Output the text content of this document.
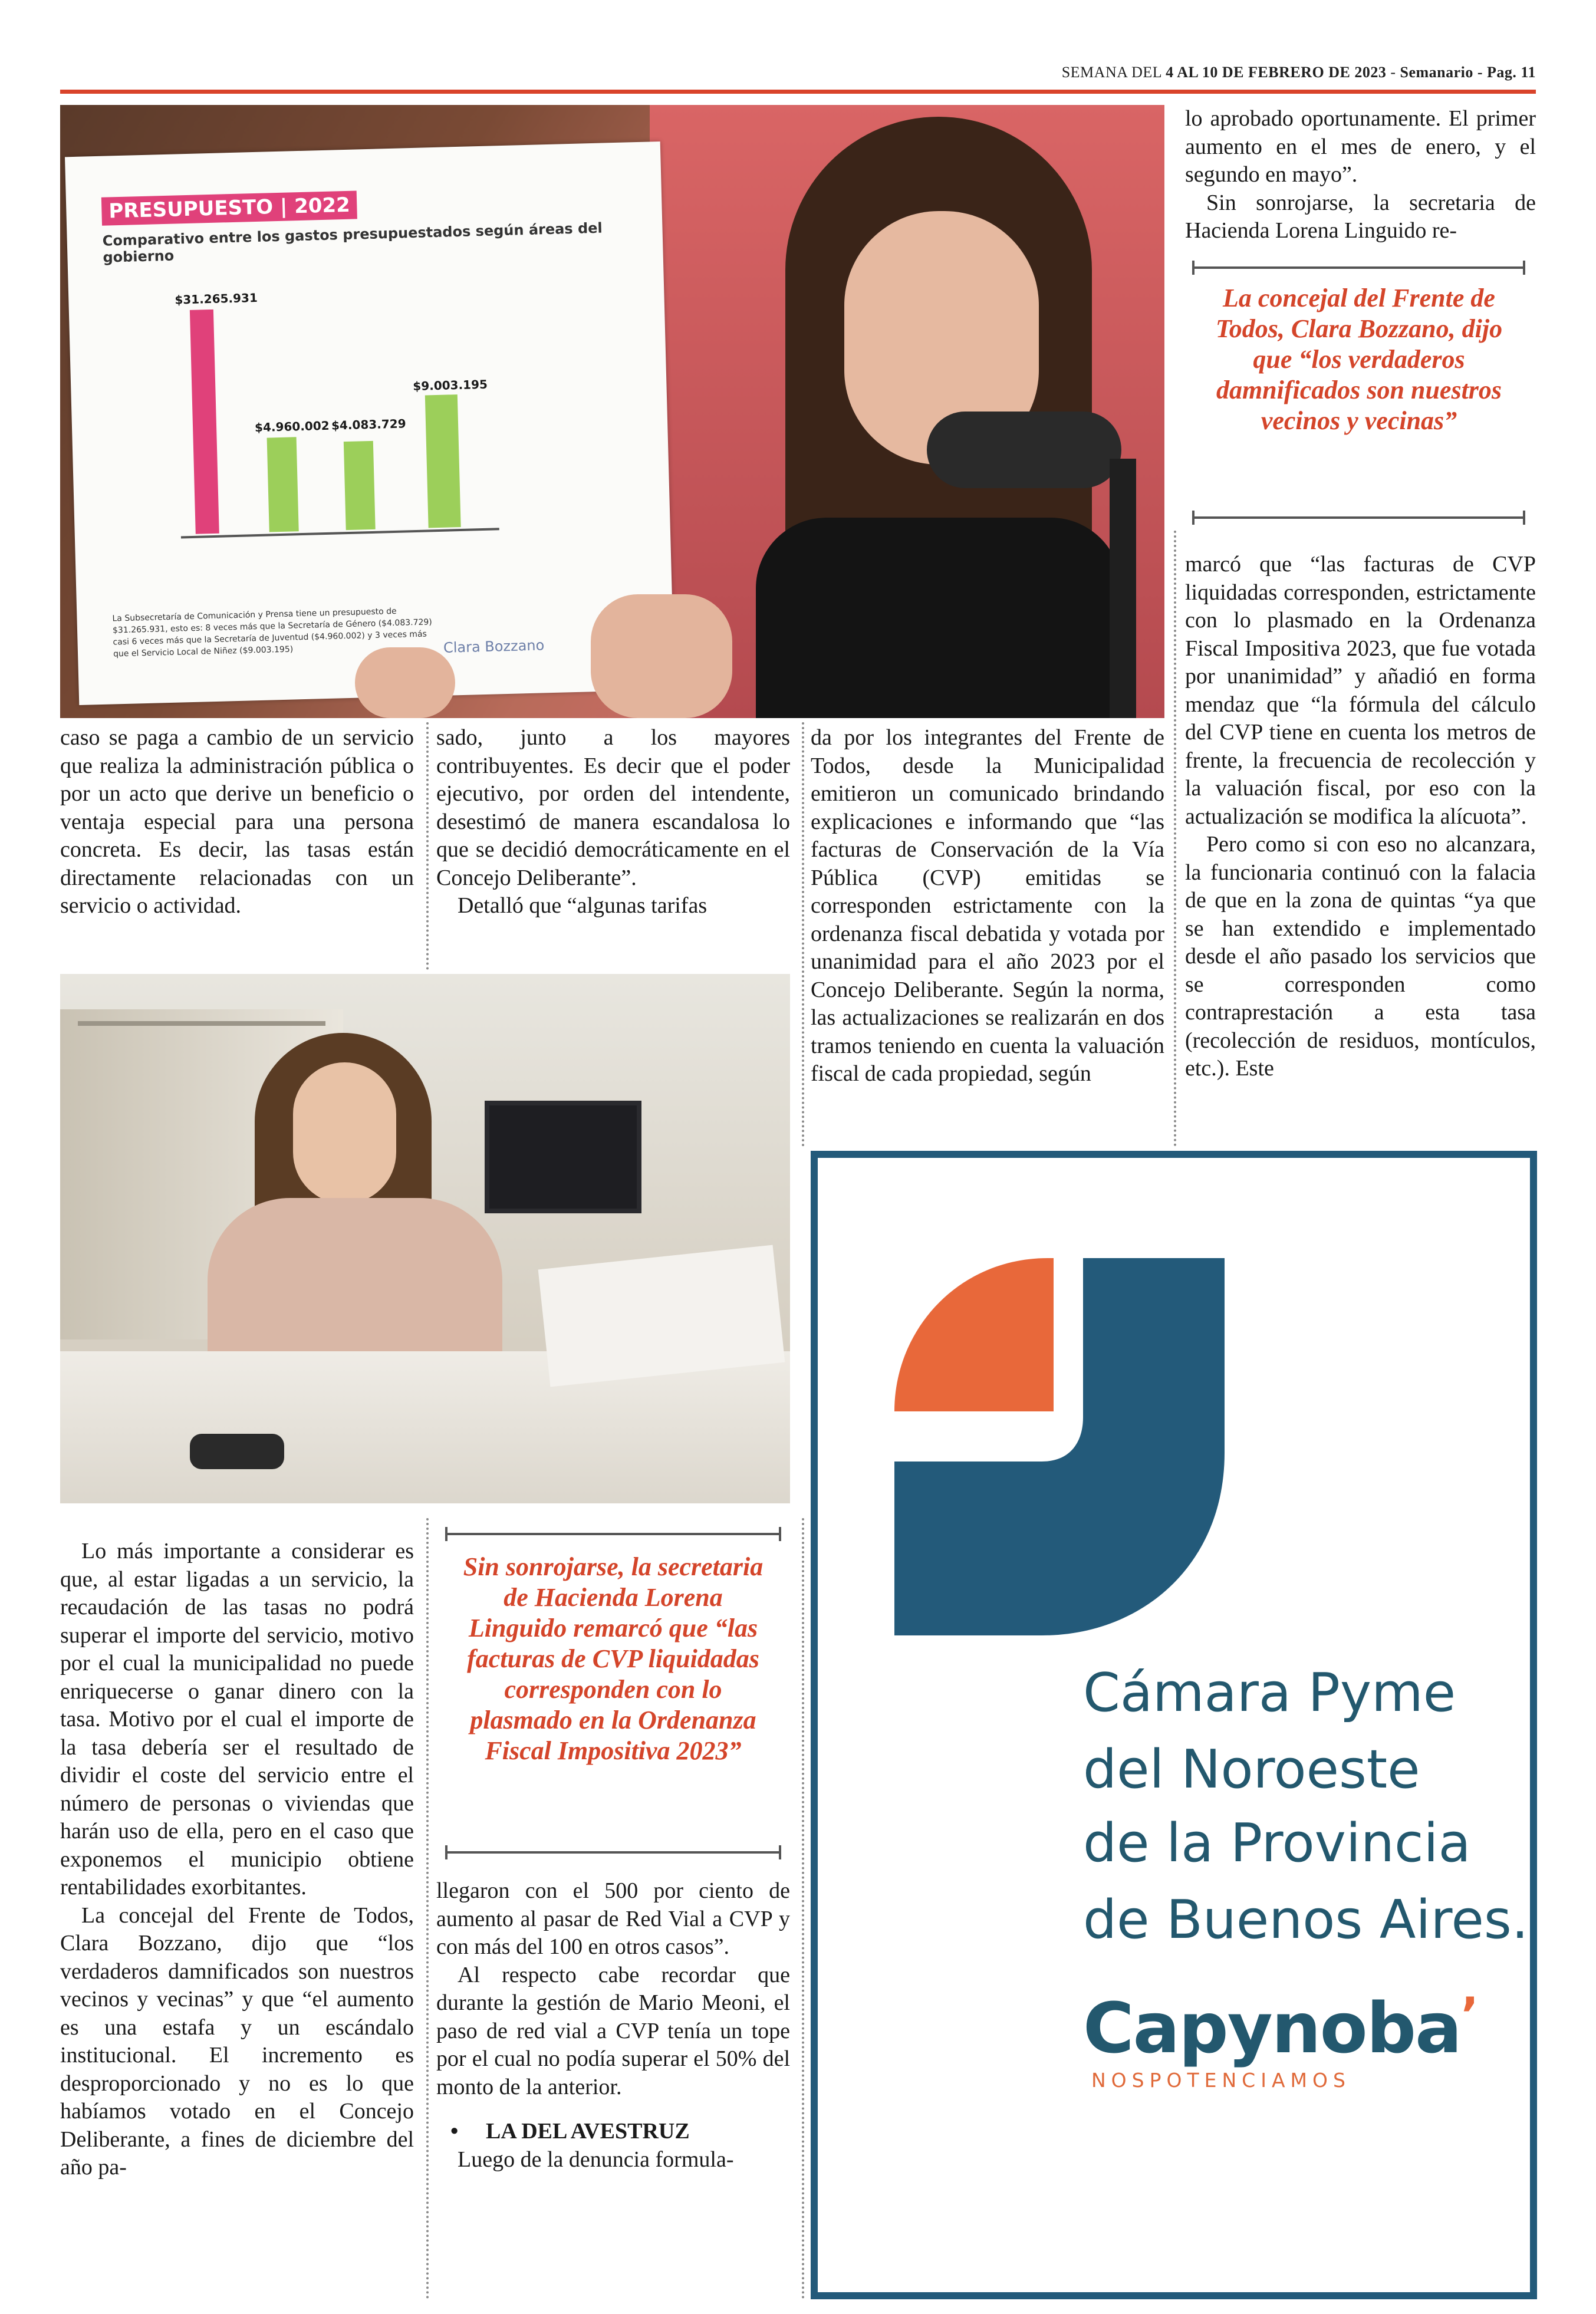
SEMANA DEL 4 AL 10 DE FEBRERO DE 2023 - Semanario - Pag. 11
PRESUPUESTO | 2022
Comparativo entre los gastos presupuestados según áreas del gobierno
$31.265.931
$4.960.002 $4.083.729
$9.003.195
La Subsecretaría de Comunicación y Prensa tiene un presupuesto de $31.265.931, esto es: 8 veces más que la Secretaría de Género ($4.083.729) casi 6 veces más que la Secretaría de Juventud ($4.960.002) y 3 veces más que el Servicio Local de Niñez ($9.003.195)	Clara Bozzano

lo aprobado oportunamente. El primer aumento en el mes de enero, y el segundo en mayo”.

Sin sonrojarse, la secretaria de Hacienda Lorena Linguido re-

La concejal del Frente de Todos, Clara Bozzano, dijo que “los verdaderos damnificados son nuestros vecinos y vecinas”

marcó que “las facturas de CVP liquidadas corresponden, estrictamente con lo plasmado en la Ordenanza Fiscal Impositiva 2023, que fue votada por unanimidad” y añadió en forma mendaz que “la fórmula del cálculo del CVP tiene en cuenta los metros de frente, la frecuencia de recolección y la valuación fiscal, por eso con la actualización se modifica la alícuota”.

Pero como si con eso no alcanzara, la funcionaria continuó con la falacia de que en la zona de quintas “ya que se han extendido e implementado desde el año pasado los servicios que se corresponden como contraprestación a esta tasa (recolección de residuos, montículos, etc.). Este

caso se paga a cambio de un servicio que realiza la administración pública o por un acto que derive un beneficio o ventaja especial para una persona concreta. Es decir, las tasas están directamente relacionadas con un servicio o actividad.

sado, junto a los mayores contribuyentes. Es decir que el poder ejecutivo, por orden del intendente, desestimó de manera escandalosa lo que se decidió democráticamente en el Concejo Deliberante”.

Detalló que “algunas tarifas

da por los integrantes del Frente de Todos, desde la Municipalidad emitieron un comunicado brindando explicaciones e informando que “las facturas de Conservación de la Vía Pública (CVP) emitidas se corresponden estrictamente con la ordenanza fiscal debatida y votada por unanimidad para el año 2023 por el Concejo Deliberante. Según la norma, las actualizaciones se realizarán en dos tramos teniendo en cuenta la valuación fiscal de cada propiedad, según

Lo más importante a considerar es que, al estar ligadas a un servicio, la recaudación de las tasas no podrá superar el importe del servicio, motivo por el cual la municipalidad no puede enriquecerse o ganar dinero con la tasa. Motivo por el cual el importe de la tasa debería ser el resultado de dividir el coste del servicio entre el número de personas o viviendas que harán uso de ella, pero en el caso que exponemos el municipio obtiene rentabilidades exorbitantes.

La concejal del Frente de Todos, Clara Bozzano, dijo que “los verdaderos damnificados son nuestros vecinos y vecinas” y que “el aumento es una estafa y un escándalo institucional. El incremento es desproporcionado y no es lo que habíamos votado en el Concejo Deliberante, a fines de diciembre del año pa-

Sin sonrojarse, la secretaria de Hacienda Lorena Linguido remarcó que “las facturas de CVP liquidadas corresponden con lo plasmado en la Ordenanza Fiscal Impositiva 2023”

llegaron con el 500 por ciento de aumento al pasar de Red Vial a CVP y con más del 100 en otros casos”.

Al respecto cabe recordar que durante la gestión de Mario Meoni, el paso de red vial a CVP tenía un tope por el cual no podía superar el 50% del monto de la anterior.

• LA DEL AVESTRUZ

Luego de la denuncia formula-

Cámara Pyme
del Noroeste
de la Provincia
de Buenos Aires.
Capynoba’
NOSPOTENCIAMOS
